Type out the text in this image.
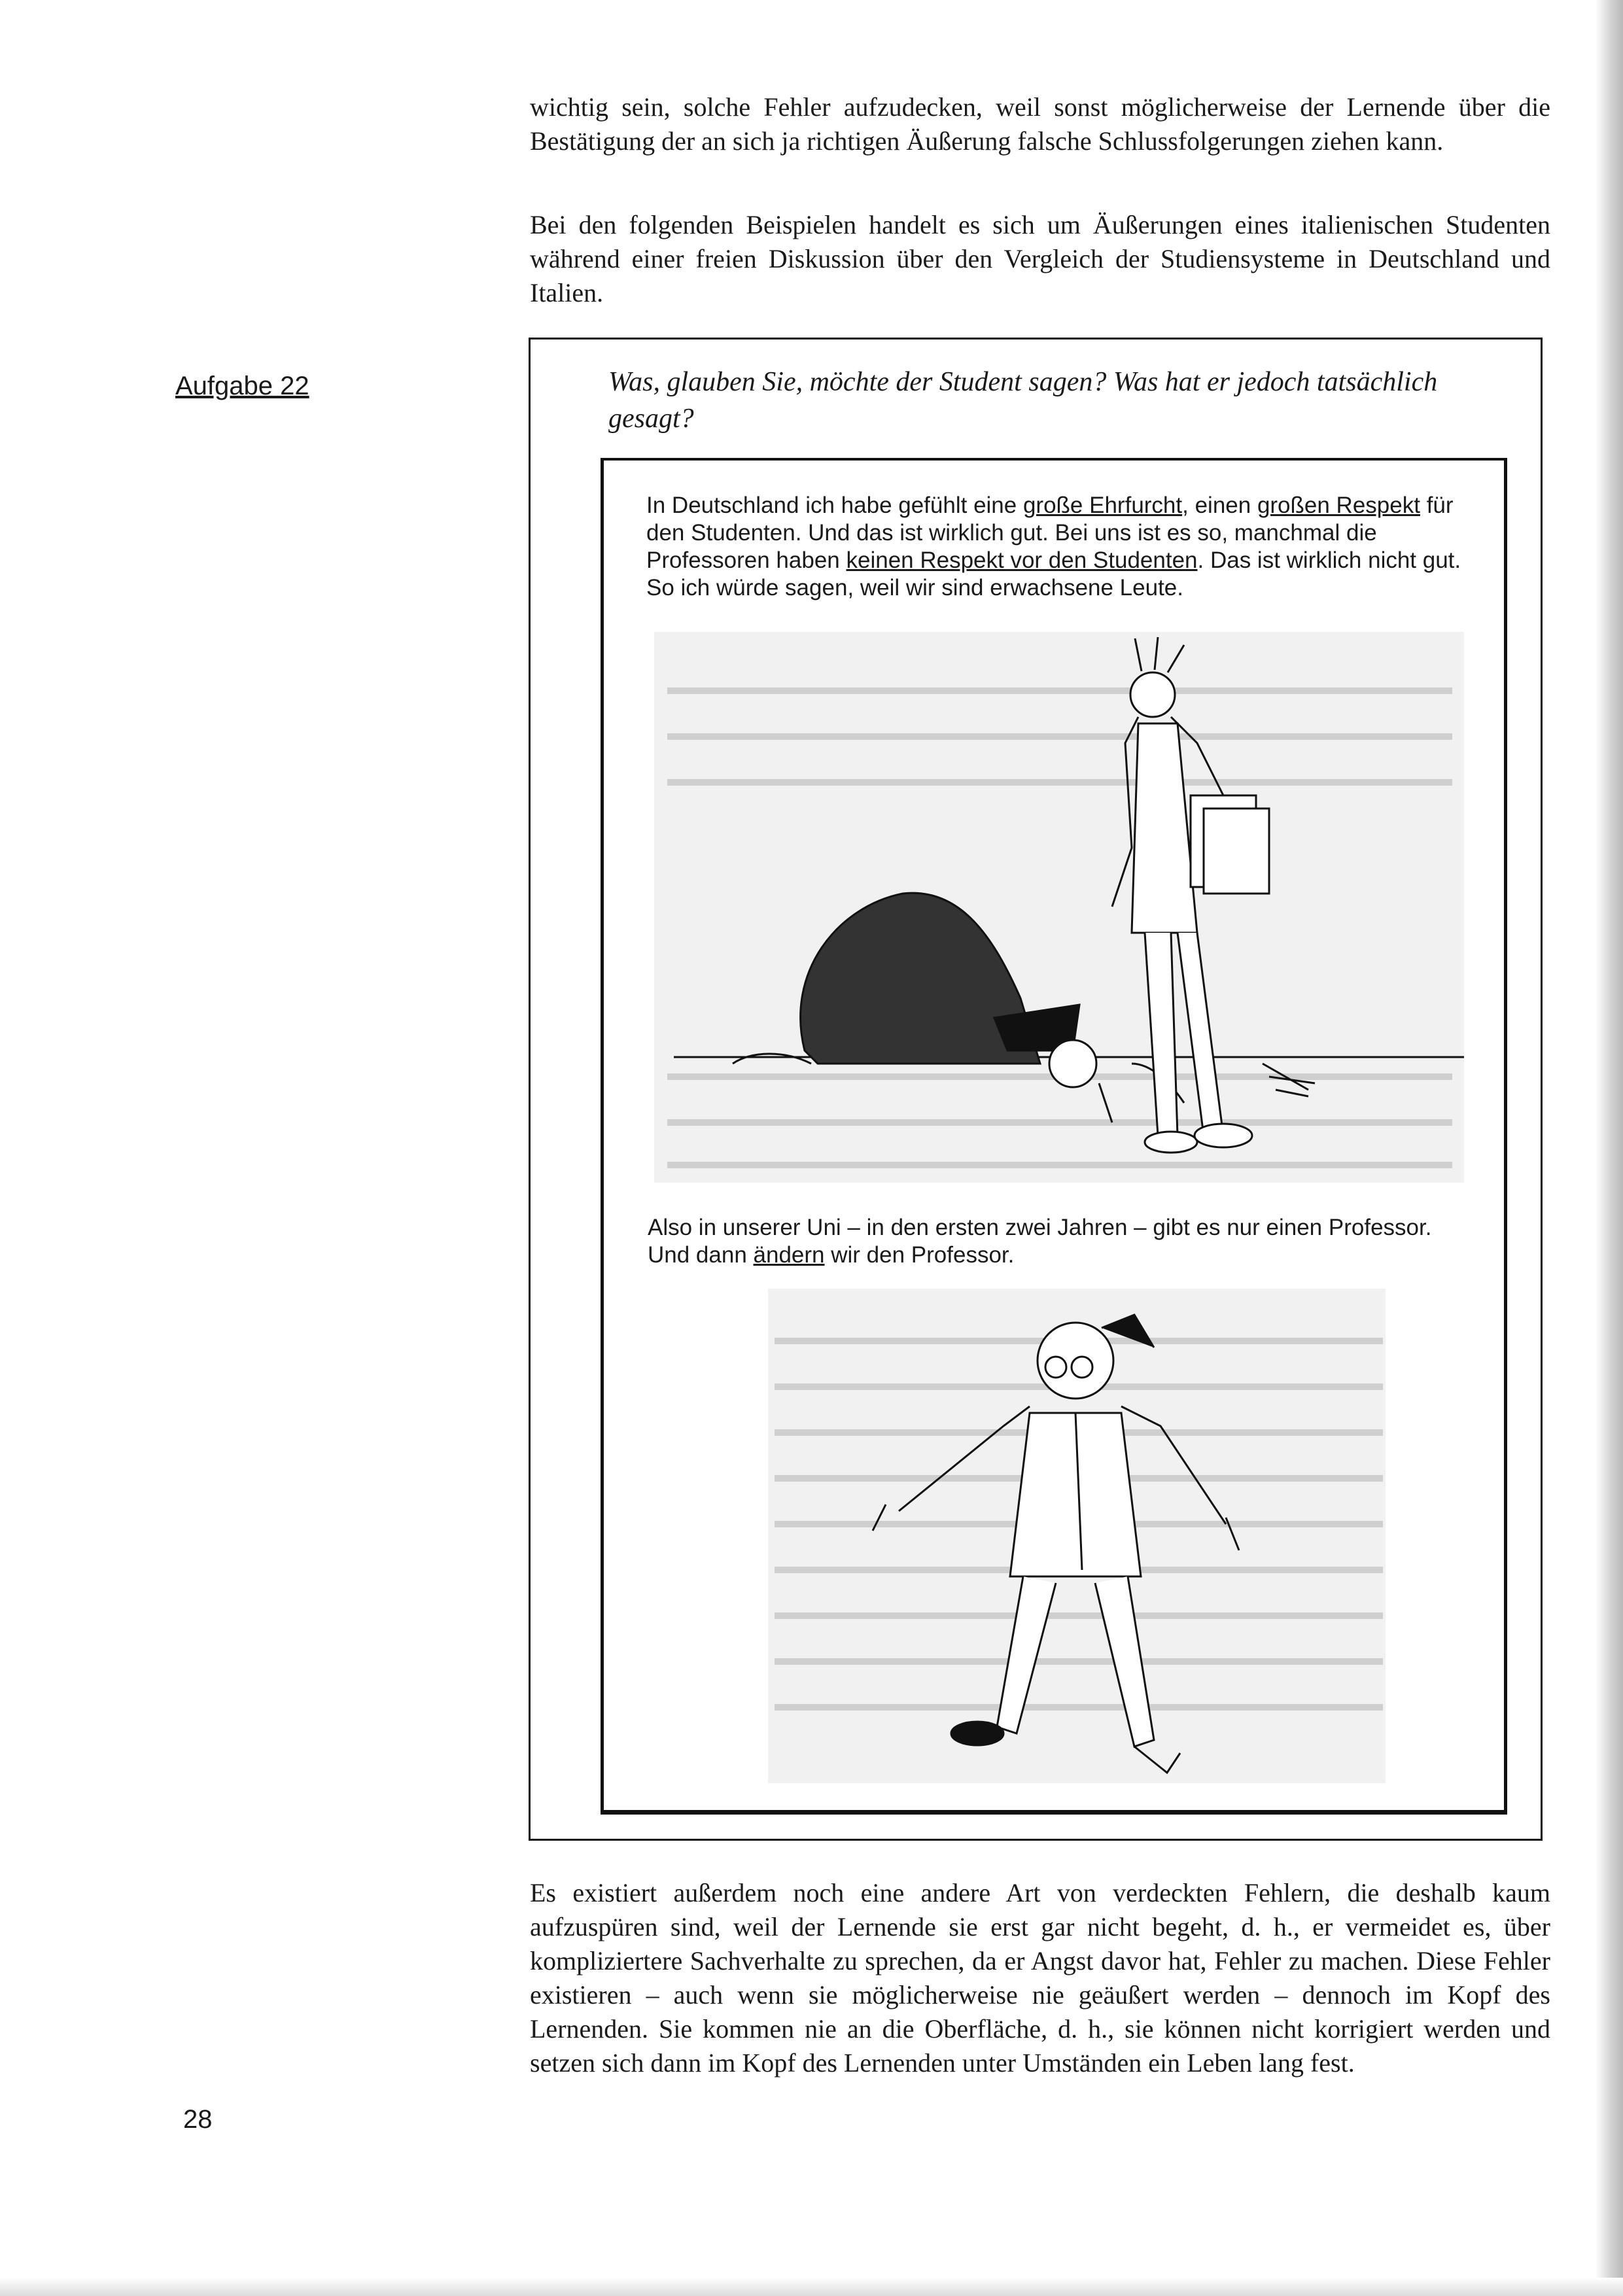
wichtig sein, solche Fehler aufzudecken, weil sonst möglicherweise der Lernende über die Bestätigung der an sich ja richtigen Äußerung falsche Schlussfolgerungen ziehen kann.

Bei den folgenden Beispielen handelt es sich um Äußerungen eines italienischen Studenten während einer freien Diskussion über den Vergleich der Studiensysteme in Deutschland und Italien.

Aufgabe 22	Was, glauben Sie, möchte der Student sagen? Was hat er jedoch tatsächlich gesagt?

In Deutschland ich habe gefühlt eine große Ehrfurcht, einen großen Respekt für den Studenten. Und das ist wirklich gut. Bei uns ist es so, manchmal die Professoren haben keinen Respekt vor den Studenten. Das ist wirklich nicht gut. So ich würde sagen, weil wir sind erwachsene Leute.

Also in unserer Uni – in den ersten zwei Jahren – gibt es nur einen Professor. Und dann ändern wir den Professor.

Es existiert außerdem noch eine andere Art von verdeckten Fehlern, die deshalb kaum aufzuspüren sind, weil der Lernende sie erst gar nicht begeht, d. h., er vermeidet es, über kompliziertere Sachverhalte zu sprechen, da er Angst davor hat, Fehler zu machen. Diese Fehler existieren – auch wenn sie möglicherweise nie geäußert werden – dennoch im Kopf des Lernenden. Sie kommen nie an die Oberfläche, d. h., sie können nicht korrigiert werden und setzen sich dann im Kopf des Lernenden unter Umständen ein Leben lang fest.

28
